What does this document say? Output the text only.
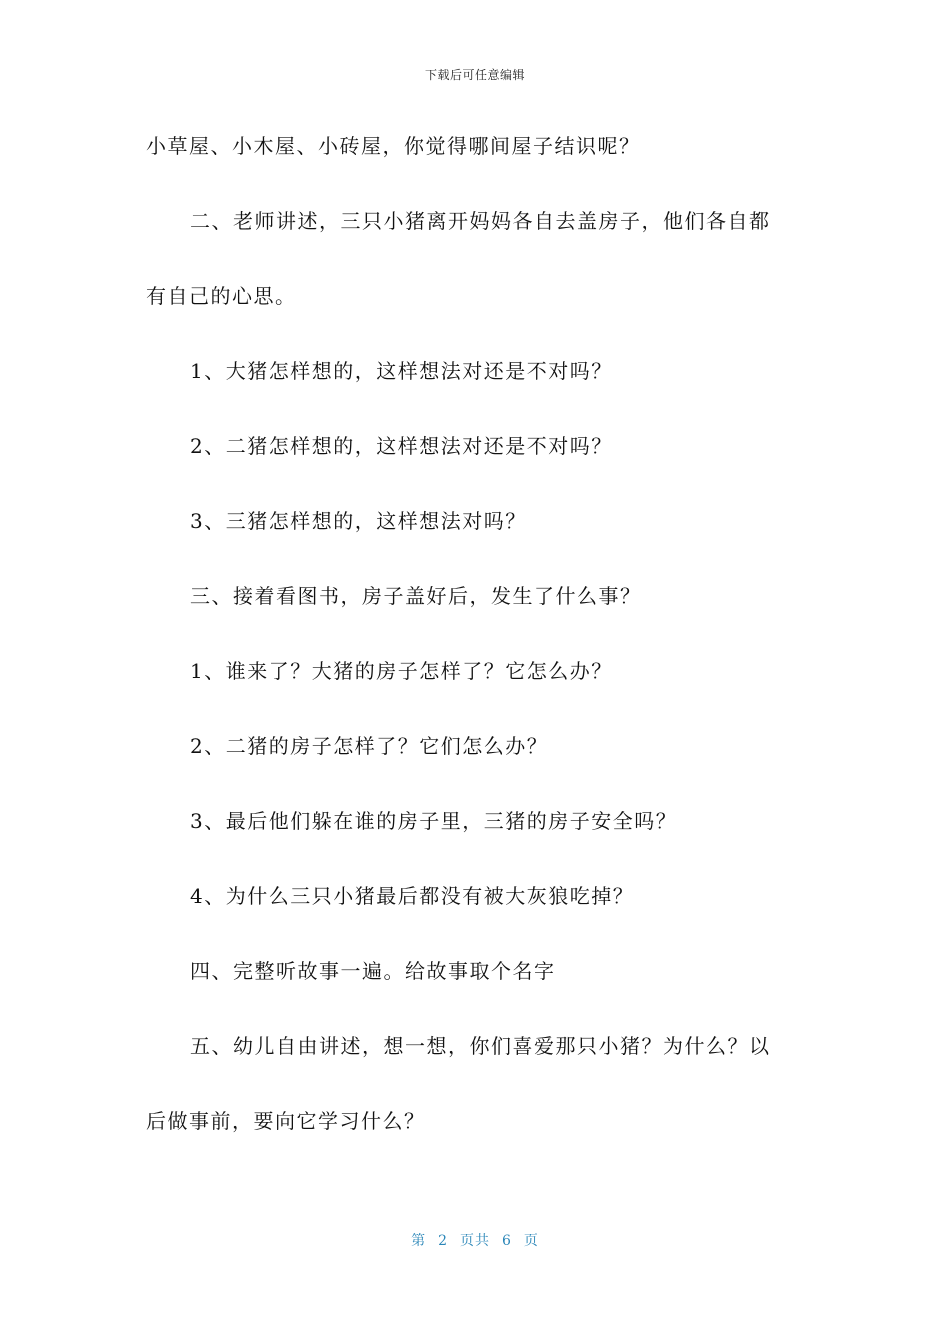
下载后可任意编辑
小草屋、小木屋、小砖屋，你觉得哪间屋子结识呢？
二、老师讲述，三只小猪离开妈妈各自去盖房子，他们各自都
有自己的心思。
1、大猪怎样想的，这样想法对还是不对吗？
2、二猪怎样想的，这样想法对还是不对吗？
3、三猪怎样想的，这样想法对吗？
三、接着看图书，房子盖好后，发生了什么事？
1、谁来了？大猪的房子怎样了？它怎么办？
2、二猪的房子怎样了？它们怎么办？
3、最后他们躲在谁的房子里，三猪的房子安全吗？
4、为什么三只小猪最后都没有被大灰狼吃掉？
四、完整听故事一遍。给故事取个名字
五、幼儿自由讲述，想一想，你们喜爱那只小猪？为什么？以
后做事前，要向它学习什么？
第 2 页共 6 页
